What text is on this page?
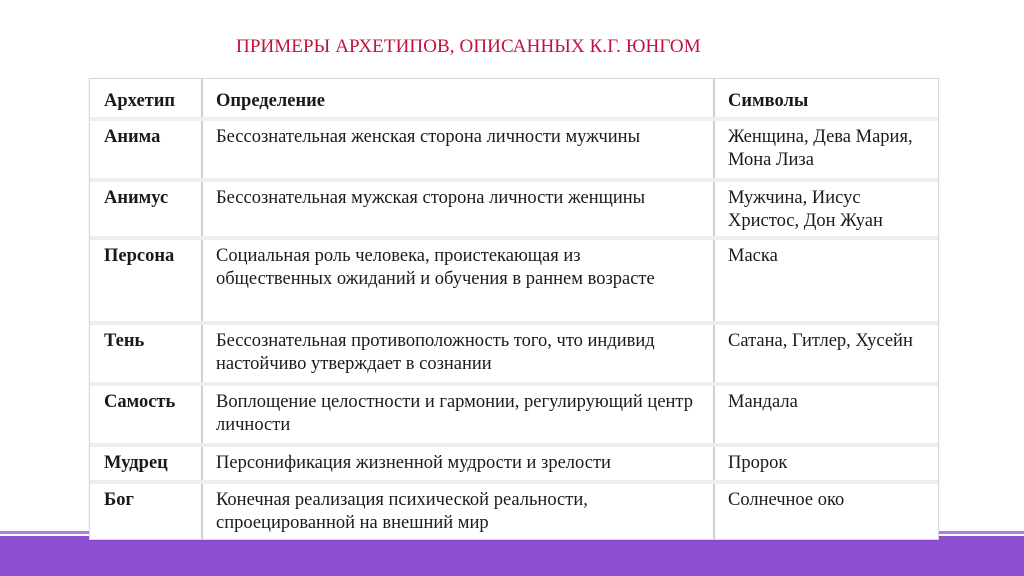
ПРИМЕРЫ АРХЕТИПОВ, ОПИСАННЫХ К.Г. ЮНГОМ
Архетип	Определение	Символы
Анима	Бессознательная женская сторона личности мужчины	Женщина, Дева Мария, Мона Лиза
Анимус	Бессознательная мужская сторона личности женщины	Мужчина, Иисус Христос, Дон Жуан
Персона	Социальная роль человека, проистекающая из общественных ожиданий и обучения в раннем возрасте	Маска
Тень	Бессознательная противоположность того, что индивид настойчиво утверждает в сознании	Сатана, Гитлер, Хусейн
Самость	Воплощение целостности и гармонии, регулирующий центр личности	Мандала
Мудрец	Персонификация жизненной мудрости и зрелости	Пророк
Бог	Конечная реализация психической реальности, спроецированной на внешний мир	Солнечное око
